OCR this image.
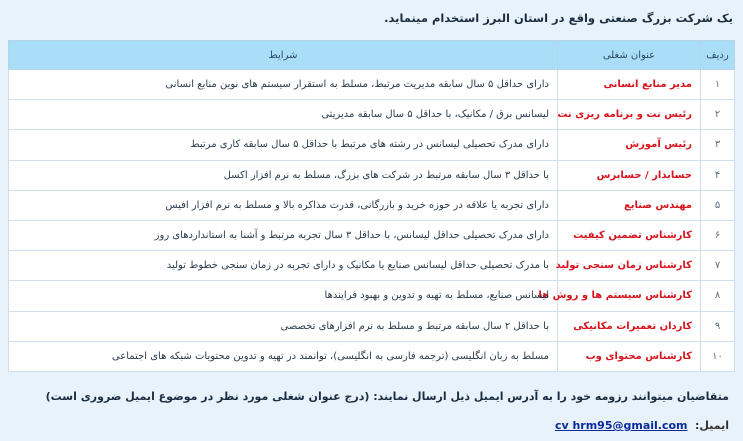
یک شرکت بزرگ صنعتی واقع در استان البرز استخدام مینماید.
ردیف	عنوان شغلی	شرایط
۱	مدیر منابع انسانی	دارای حداقل ۵ سال سابقه مدیریت مرتبط، مسلط به استقرار سیستم های نوین منابع انسانی
۲	رئیس نت و برنامه ریزی نت	لیسانس برق / مکانیک، با حداقل ۵ سال سابقه مدیریتی
۳	رئیس آموزش	دارای مدرک تحصیلی لیسانس در رشته های مرتبط با حداقل ۵ سال سابقه کاری مرتبط
۴	حسابدار / حسابرس	با حداقل ۳ سال سابقه مرتبط در شرکت های بزرگ، مسلط به نرم افزار اکسل
۵	مهندس صنایع	دارای تجربه یا علاقه در حوزه خرید و بازرگانی، قدرت مذاکره بالا و مسلط به نرم افزار افیس
۶	کارشناس تضمین کیفیت	دارای مدرک تحصیلی حداقل لیسانس، با حداقل ۳ سال تجربه مرتبط و آشنا به استانداردهای روز
۷	کارشناس زمان سنجی تولید	با مدرک تحصیلی حداقل لیسانس صنایع یا مکانیک و دارای تجربه در زمان سنجی خطوط تولید
۸	کارشناس سیستم ها و روش ها	لیسانس صنایع، مسلط به تهیه و تدوین و بهبود فرایندها
۹	کاردان تعمیرات مکانیکی	با حداقل ۲ سال سابقه مرتبط و مسلط به نرم افزارهای تخصصی
۱۰	کارشناس محتوای وب	مسلط به زبان انگلیسی (ترجمه فارسی به انگلیسی)، توانمند در تهیه و تدوین محتویات شبکه های اجتماعی
متقاضیان میتوانند رزومه خود را به آدرس ایمیل ذیل ارسال نمایند: (درج عنوان شغلی مورد نظر در موضوع ایمیل ضروری است)
ایمیل: cv hrm95@gmail.com
